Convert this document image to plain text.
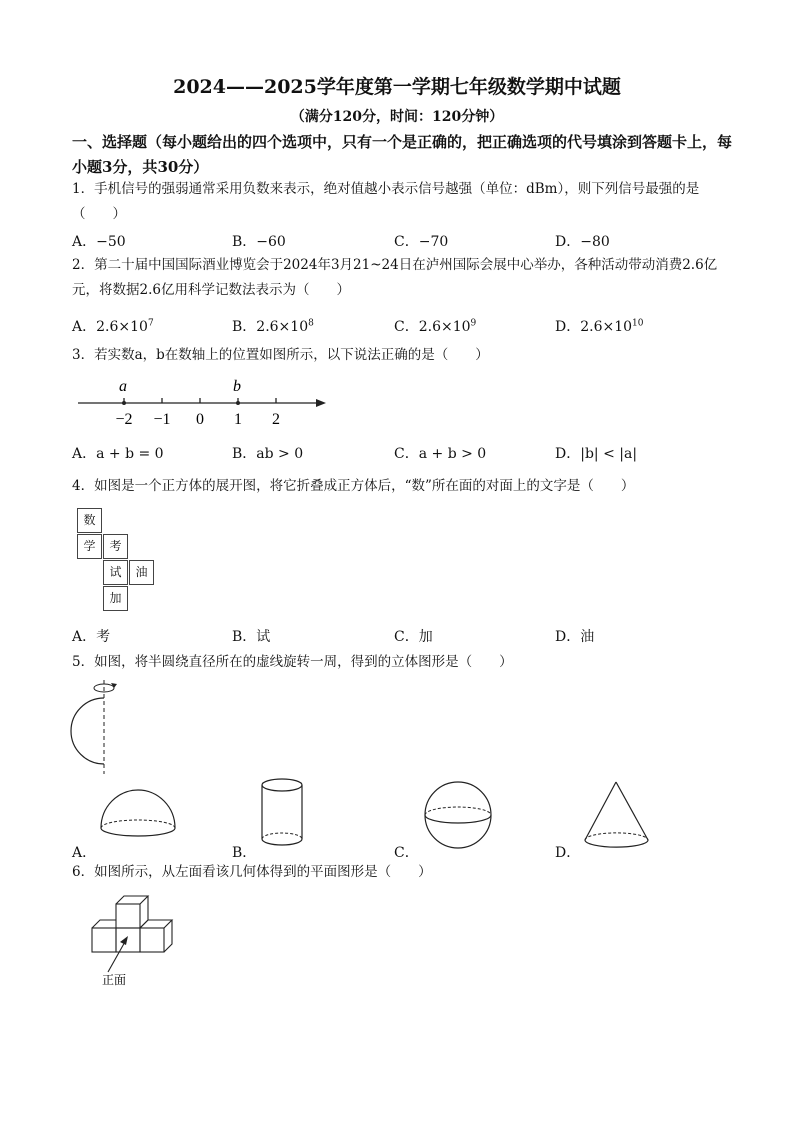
2024——2025学年度第一学期七年级数学期中试题
（满分120分，时间：120分钟）
一、选择题（每小题给出的四个选项中，只有一个是正确的，把正确选项的代号填涂到答题卡上，每小题3分，共30分）
1．手机信号的强弱通常采用负数来表示，绝对值越小表示信号越强（单位：dBm），则下列信号最强的是（　　）
A．−50	B．−60	C．−70	D．−80
2．第二十届中国国际酒业博览会于2024年3月21~24日在泸州国际会展中心举办，各种活动带动消费2.6亿元，将数据2.6亿用科学记数法表示为（　　）
A．$2.6\times 10^7$	B．$2.6\times 10^8$	C．$2.6\times 10^9$	D．$2.6\times 10^{10}$
3．若实数a，b在数轴上的位置如图所示，以下说法正确的是（　　）
a	b
−2 −1 0 1 2
A．a + b = 0	B．ab > 0	C．a + b > 0	D．|b| < |a|
4．如图是一个正方体的展开图，将它折叠成正方体后，“数”所在面的对面上的文字是（　　）
数
学	考
试	油
加
A．考	B．试	C．加	D．油
5．如图，将半圆绕直径所在的虚线旋转一周，得到的立体图形是（　　）
A．	B．	C．	D．
6．如图所示，从左面看该几何体得到的平面图形是（　　）
正面
